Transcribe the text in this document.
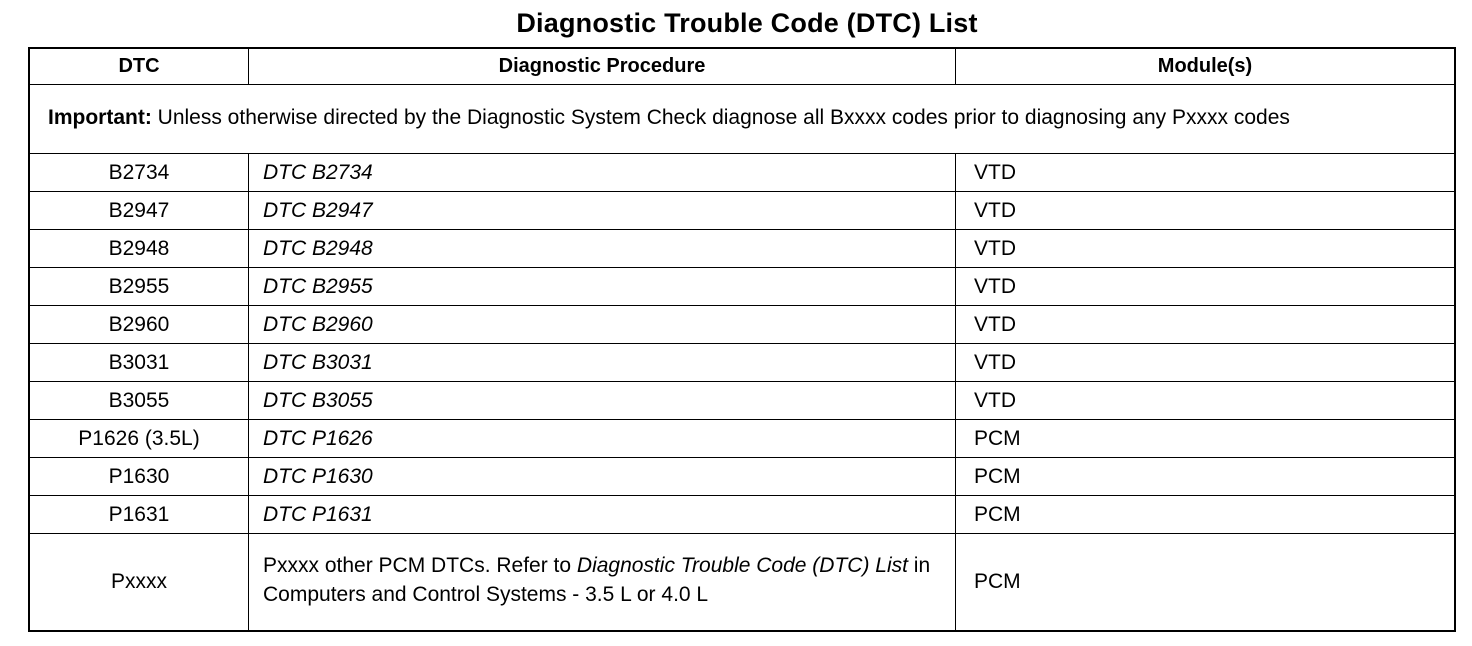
Diagnostic Trouble Code (DTC) List
DTC	Diagnostic Procedure	Module(s)
Important: Unless otherwise directed by the Diagnostic System Check diagnose all Bxxxx codes prior to diagnosing any Pxxxx codes		
B2734	DTC B2734	VTD
B2947	DTC B2947	VTD
B2948	DTC B2948	VTD
B2955	DTC B2955	VTD
B2960	DTC B2960	VTD
B3031	DTC B3031	VTD
B3055	DTC B3055	VTD
P1626 (3.5L)	DTC P1626	PCM
P1630	DTC P1630	PCM
P1631	DTC P1631	PCM
Pxxxx	Pxxxx other PCM DTCs. Refer to Diagnostic Trouble Code (DTC) List in Computers and Control Systems - 3.5 L or 4.0 L	PCM
